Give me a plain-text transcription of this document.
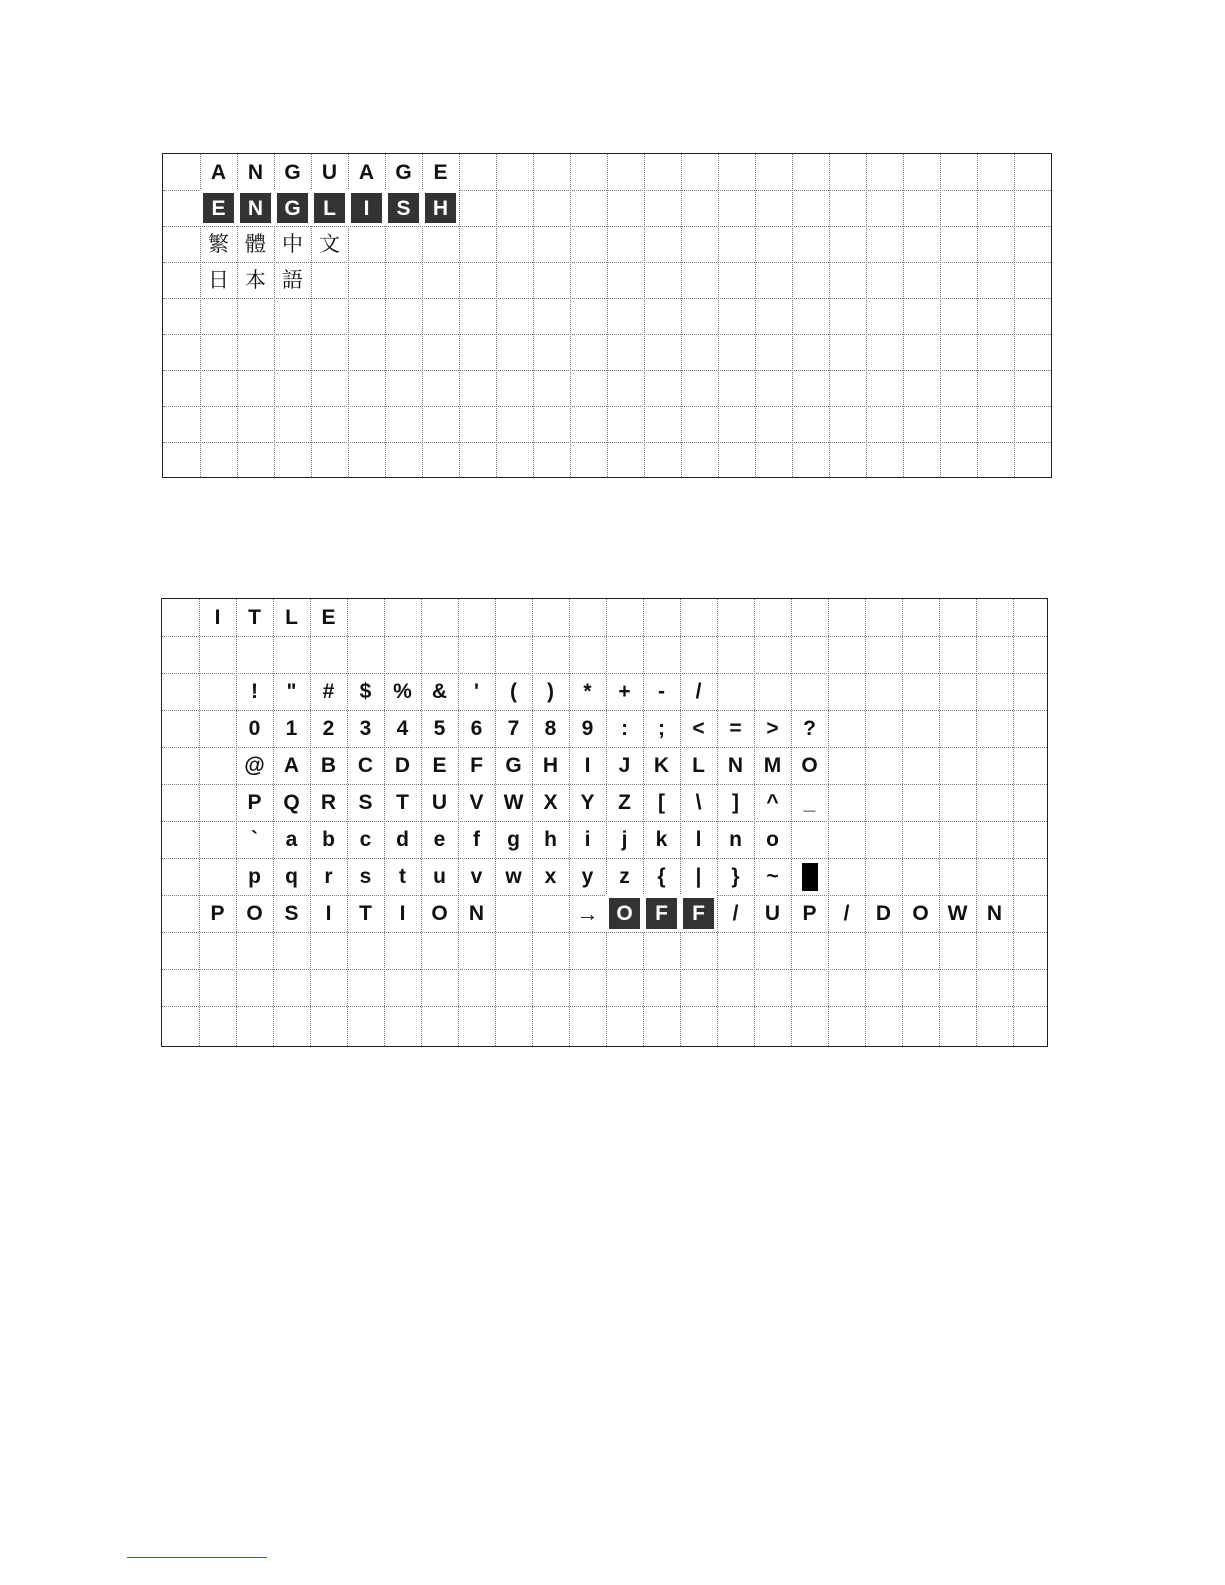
A	N	G	U	A	G	E
E	N	G	L	I	S	H
繁 體 中 文
日 本 語
I	T	L	E
!	"	#	$	% &	'	(	)	*	+	-	/
0	1	2	3	4	5	6	7	8	9	:	;	<	=	>	?
@ A	B	C	D	E	F	G	H	I	J	K	L	N M O
P	Q	R	S	T	U	V W X	Y	Z	[	\	]	^	_
`	a	b	c	d	e	f	g	h	i	j	k	l	n	o
p	q	r	s	t	u	v	w	x	y	z	{	|	}	~
P	O	S	I	T	I	O	N	→ O	F	F	/	U	P	/	D	O W N
